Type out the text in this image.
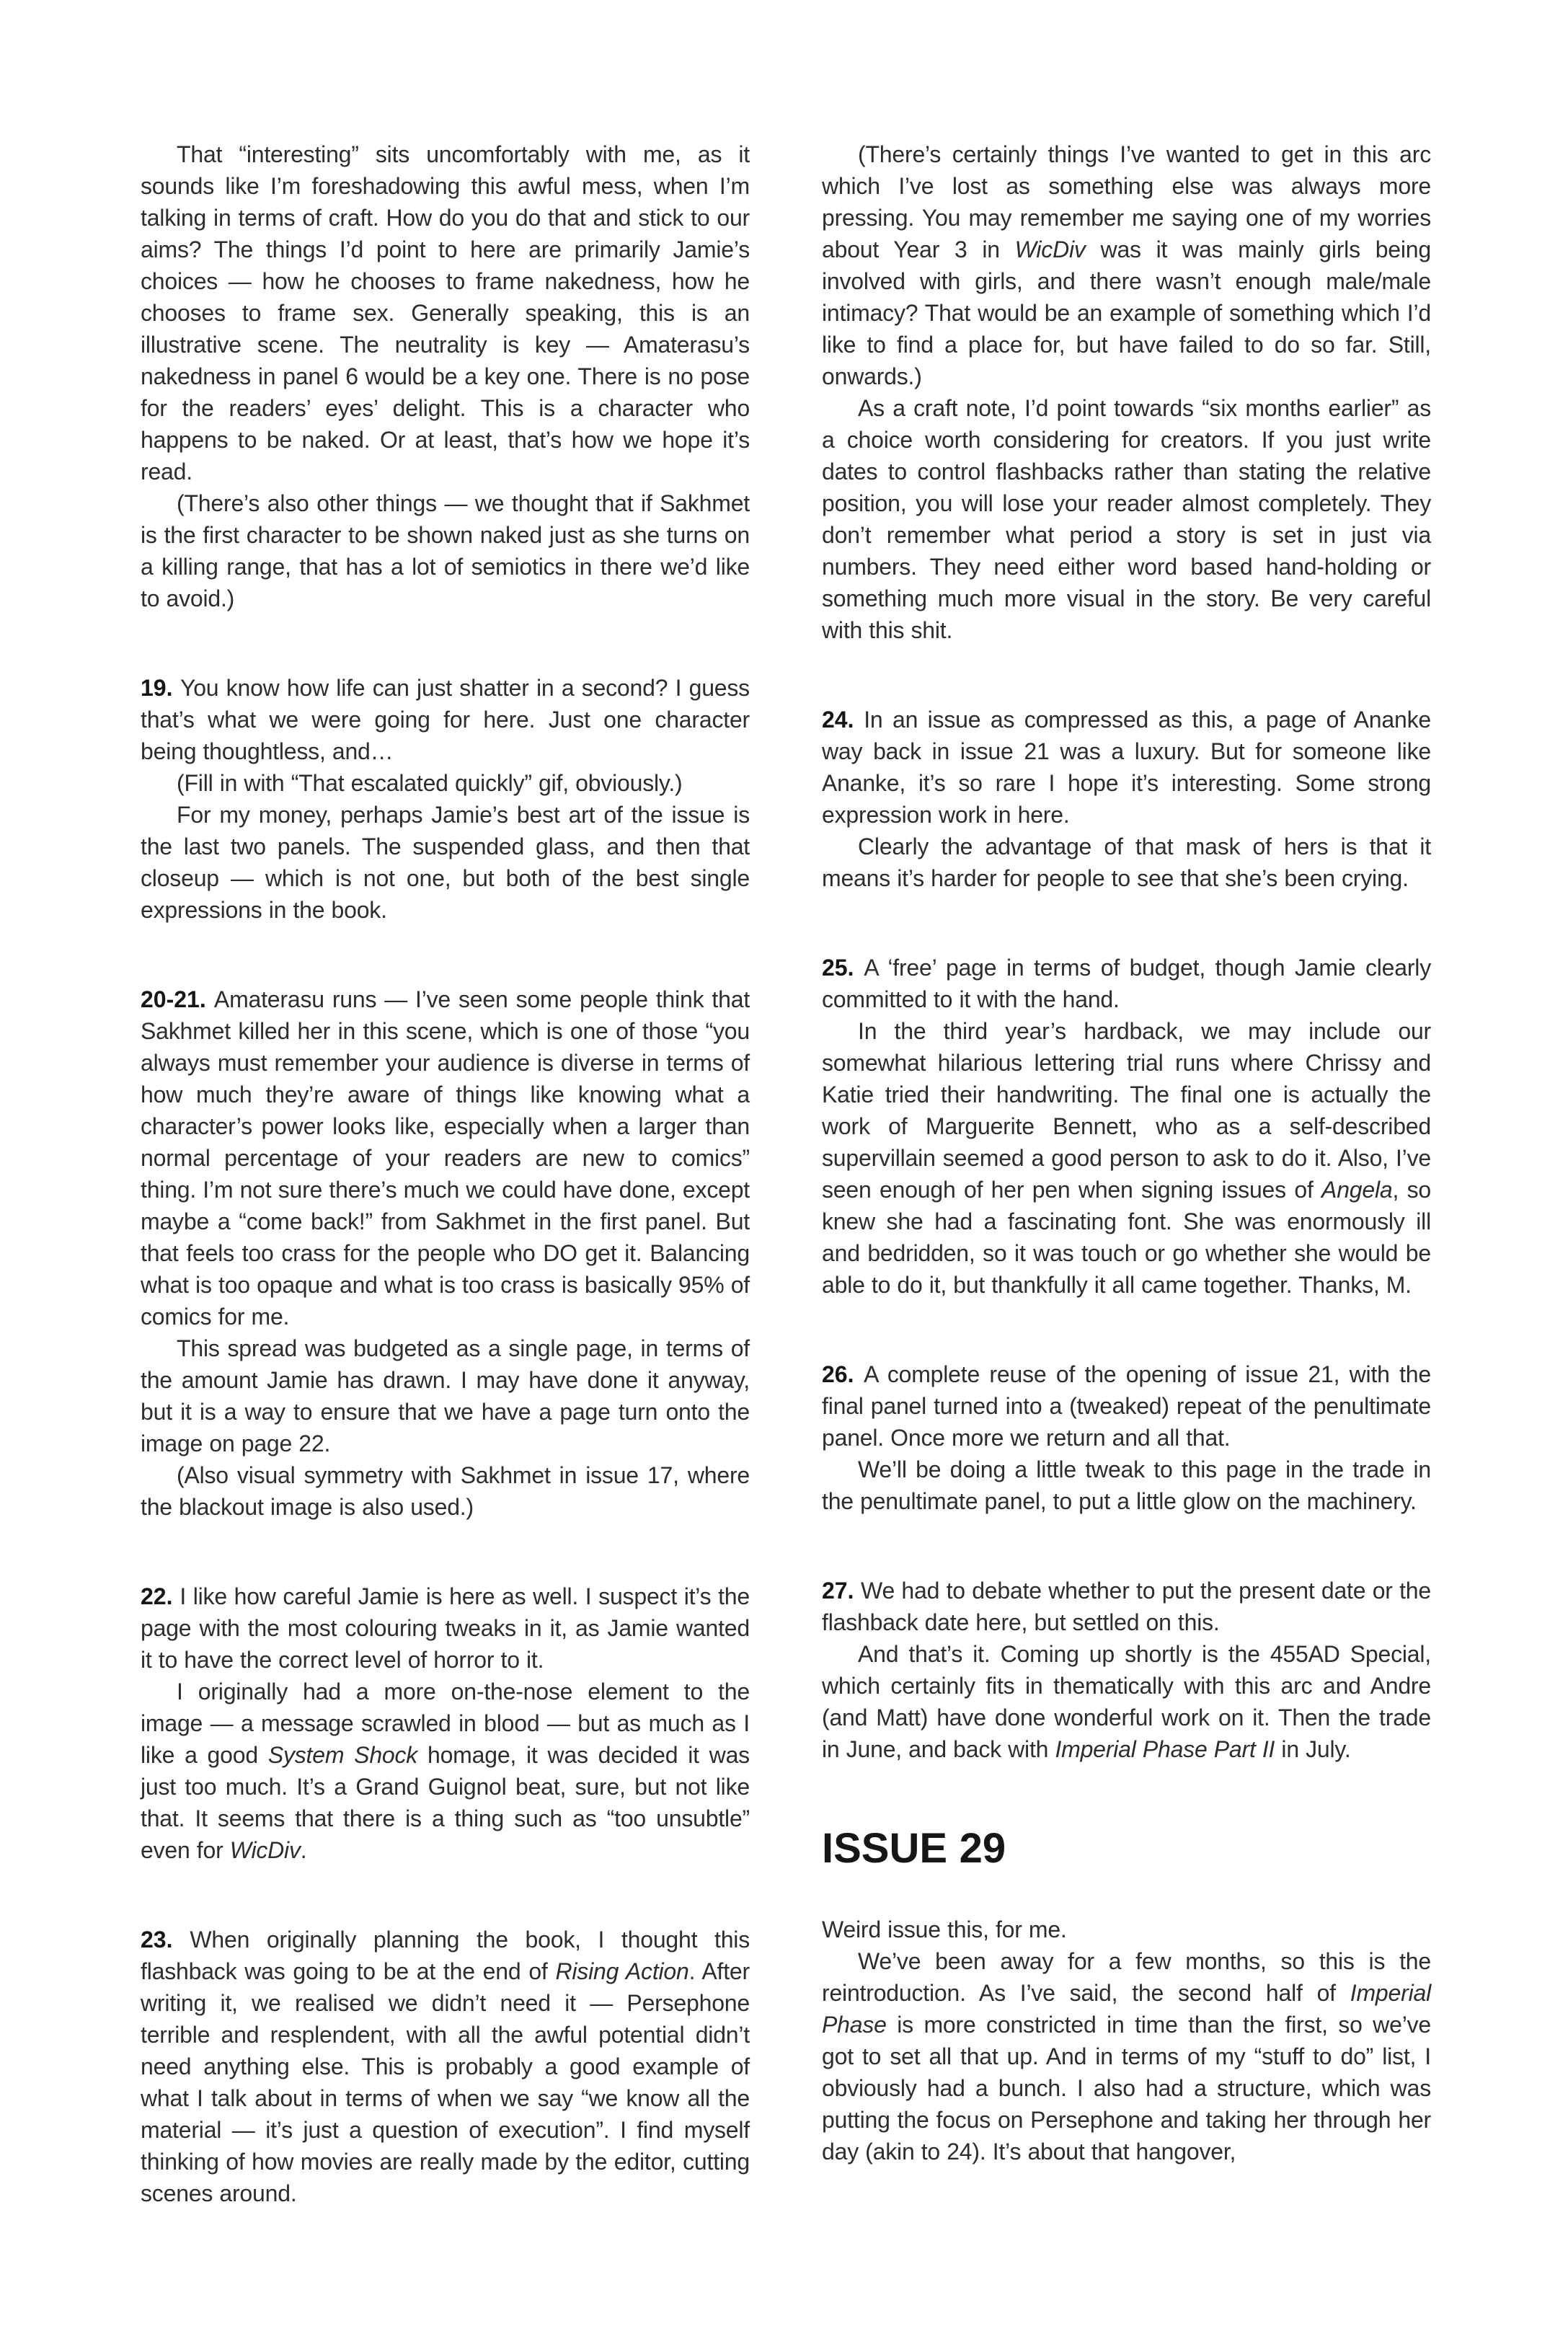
That “interesting” sits uncomfortably with me, as it sounds like I’m foreshadowing this awful mess, when I’m talking in terms of craft. How do you do that and stick to our aims? The things I’d point to here are primarily Jamie’s choices — how he chooses to frame nakedness, how he chooses to frame sex. Generally speaking, this is an illustrative scene. The neutrality is key — Amaterasu’s nakedness in panel 6 would be a key one. There is no pose for the readers’ eyes’ delight. This is a character who happens to be naked. Or at least, that’s how we hope it’s read.

(There’s also other things — we thought that if Sakhmet is the first character to be shown naked just as she turns on a killing range, that has a lot of semiotics in there we’d like to avoid.)

19. You know how life can just shatter in a second? I guess that’s what we were going for here. Just one character being thoughtless, and…

(Fill in with “That escalated quickly” gif, obviously.)

For my money, perhaps Jamie’s best art of the issue is the last two panels. The suspended glass, and then that closeup — which is not one, but both of the best single expressions in the book.

20-21. Amaterasu runs — I’ve seen some people think that Sakhmet killed her in this scene, which is one of those “you always must remember your audience is diverse in terms of how much they’re aware of things like knowing what a character’s power looks like, especially when a larger than normal percentage of your readers are new to comics” thing. I’m not sure there’s much we could have done, except maybe a “come back!” from Sakhmet in the first panel. But that feels too crass for the people who DO get it. Balancing what is too opaque and what is too crass is basically 95% of comics for me.

This spread was budgeted as a single page, in terms of the amount Jamie has drawn. I may have done it anyway, but it is a way to ensure that we have a page turn onto the image on page 22.

(Also visual symmetry with Sakhmet in issue 17, where the blackout image is also used.)

22. I like how careful Jamie is here as well. I suspect it’s the page with the most colouring tweaks in it, as Jamie wanted it to have the correct level of horror to it.

I originally had a more on-the-nose element to the image — a message scrawled in blood — but as much as I like a good System Shock homage, it was decided it was just too much. It’s a Grand Guignol beat, sure, but not like that. It seems that there is a thing such as “too unsubtle” even for WicDiv.

23. When originally planning the book, I thought this flashback was going to be at the end of Rising Action. After writing it, we realised we didn’t need it — Persephone terrible and resplendent, with all the awful potential didn’t need anything else. This is probably a good example of what I talk about in terms of when we say “we know all the material — it’s just a question of execution”. I find myself thinking of how movies are really made by the editor, cutting scenes around.

(There’s certainly things I’ve wanted to get in this arc which I’ve lost as something else was always more pressing. You may remember me saying one of my worries about Year 3 in WicDiv was it was mainly girls being involved with girls, and there wasn’t enough male/male intimacy? That would be an example of something which I’d like to find a place for, but have failed to do so far. Still, onwards.)

As a craft note, I’d point towards “six months earlier” as a choice worth considering for creators. If you just write dates to control flashbacks rather than stating the relative position, you will lose your reader almost completely. They don’t remember what period a story is set in just via numbers. They need either word based hand-holding or something much more visual in the story. Be very careful with this shit.

24. In an issue as compressed as this, a page of Ananke way back in issue 21 was a luxury. But for someone like Ananke, it’s so rare I hope it’s interesting. Some strong expression work in here.

Clearly the advantage of that mask of hers is that it means it’s harder for people to see that she’s been crying.

25. A ‘free’ page in terms of budget, though Jamie clearly committed to it with the hand.

In the third year’s hardback, we may include our somewhat hilarious lettering trial runs where Chrissy and Katie tried their handwriting. The final one is actually the work of Marguerite Bennett, who as a self-described supervillain seemed a good person to ask to do it. Also, I’ve seen enough of her pen when signing issues of Angela, so knew she had a fascinating font. She was enormously ill and bedridden, so it was touch or go whether she would be able to do it, but thankfully it all came together. Thanks, M.

26. A complete reuse of the opening of issue 21, with the final panel turned into a (tweaked) repeat of the penultimate panel. Once more we return and all that.

We’ll be doing a little tweak to this page in the trade in the penultimate panel, to put a little glow on the machinery.

27. We had to debate whether to put the present date or the flashback date here, but settled on this.

And that’s it. Coming up shortly is the 455AD Special, which certainly fits in thematically with this arc and Andre (and Matt) have done wonderful work on it. Then the trade in June, and back with Imperial Phase Part II in July.

ISSUE 29

Weird issue this, for me.

We’ve been away for a few months, so this is the reintroduction. As I’ve said, the second half of Imperial Phase is more constricted in time than the first, so we’ve got to set all that up. And in terms of my “stuff to do” list, I obviously had a bunch. I also had a structure, which was putting the focus on Persephone and taking her through her day (akin to 24). It’s about that hangover,
